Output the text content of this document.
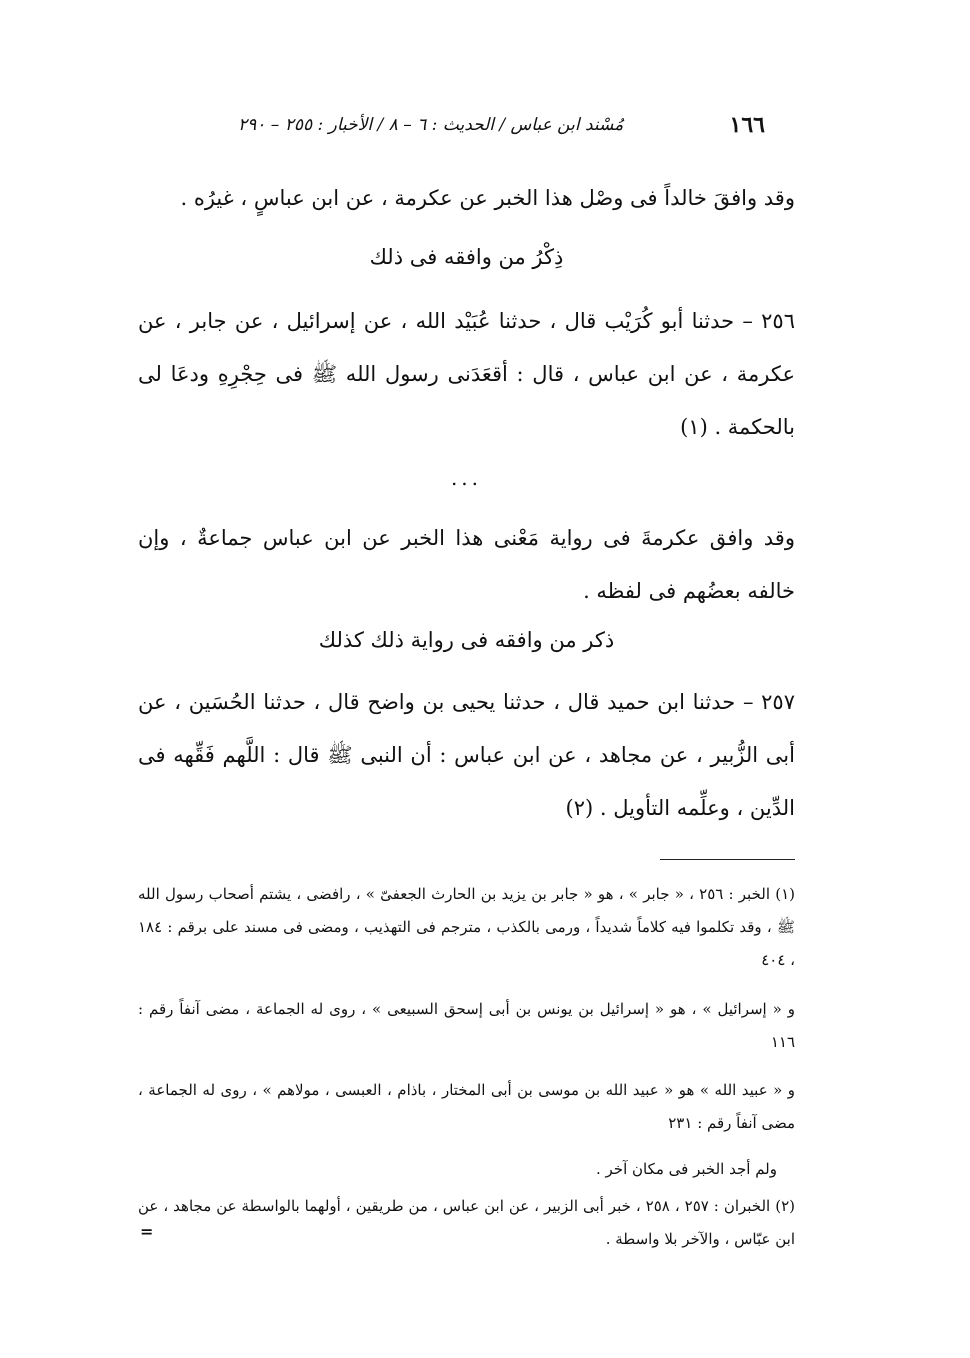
١٦٦
مُسْند ابن عباس / الحديث : ٦ – ٨ / الأخبار : ٢٥٥ – ٢٩٠
وقد وافقَ خالداً فى وصْل هذا الخبر عن عكرمة ، عن ابن عباسٍ ، غيرُه .
ذِكْرُ من وافقه فى ذلك
٢٥٦ – حدثنا أبو كُرَيْب قال ، حدثنا عُبَيْد الله ، عن إسرائيل ، عن جابر ، عن عكرمة ، عن ابن عباس ، قال : أقعَدَنى رسول الله ﷺ فى حِجْرِهِ ودعَا لى بالحكمة . (١)
...
وقد وافق عكرمةَ فى رواية مَعْنى هذا الخبر عن ابن عباس جماعةٌ ، وإن خالفه بعضُهم فى لفظه .
ذكر من وافقه فى رواية ذلك كذلك
٢٥٧ – حدثنا ابن حميد قال ، حدثنا يحيى بن واضح قال ، حدثنا الحُسَين ، عن أبى الزُّبير ، عن مجاهد ، عن ابن عباس : أن النبى ﷺ قال : اللَّهم فَقِّهه فى الدِّين ، وعلِّمه التأويل . (٢)
(١) الخبر : ٢٥٦ ، « جابر » ، هو « جابر بن يزيد بن الحارث الجعفىّ » ، رافضى ، يشتم أصحاب رسول الله ﷺ ، وقد تكلموا فيه كلاماً شديداً ، ورمى بالكذب ، مترجم فى التهذيب ، ومضى فى مسند على برقم : ١٨٤ ، ٤٠٤
و « إسرائيل » ، هو « إسرائيل بن يونس بن أبى إسحق السبيعى » ، روى له الجماعة ، مضى آنفاً رقم : ١١٦
و « عبيد الله » هو « عبيد الله بن موسى بن أبى المختار ، باذام ، العبسى ، مولاهم » ، روى له الجماعة ، مضى آنفاً رقم : ٢٣١
ولم أجد الخبر فى مكان آخر .
(٢) الخبران : ٢٥٧ ، ٢٥٨ ، خبر أبى الزبير ، عن ابن عباس ، من طريقين ، أولهما بالواسطة عن مجاهد ، عن ابن عبّاس ، والآخر بلا واسطة .
=
